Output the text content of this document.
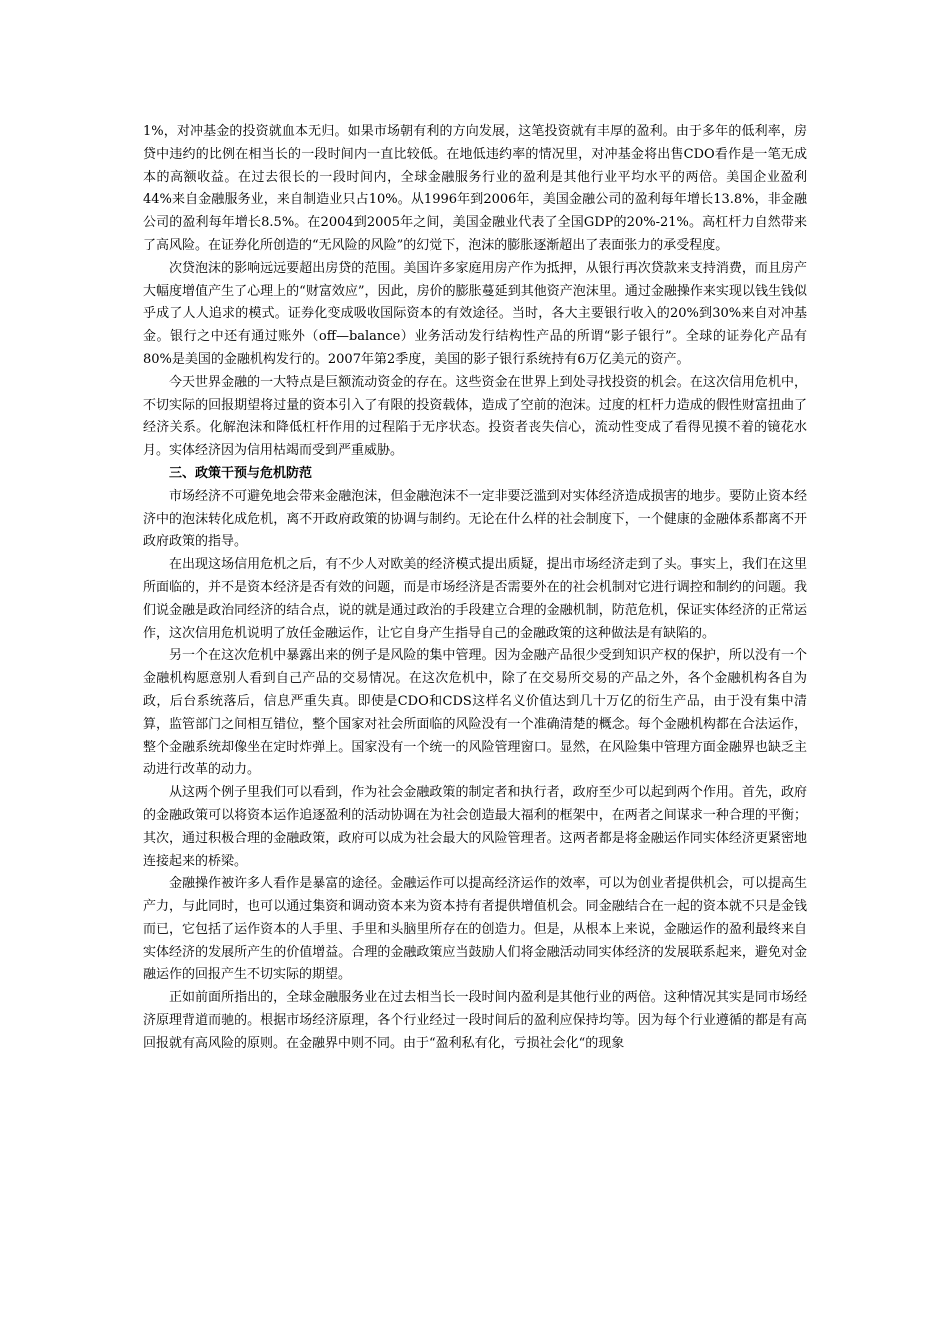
1%，对冲基金的投资就血本无归。如果市场朝有利的方向发展，这笔投资就有丰厚的盈利。由于多年的低利率，房贷中违约的比例在相当长的一段时间内一直比较低。在地低违约率的情况里，对冲基金将出售CDO看作是一笔无成本的高额收益。在过去很长的一段时间内，全球金融服务行业的盈利是其他行业平均水平的两倍。美国企业盈利44%来自金融服务业，来自制造业只占10%。从1996年到2006年，美国金融公司的盈利每年增长13.8%，非金融公司的盈利每年增长8.5%。在2004到2005年之间，美国金融业代表了全国GDP的20%-21%。高杠杆力自然带来了高风险。在证券化所创造的“无风险的风险”的幻觉下，泡沫的膨胀逐渐超出了表面张力的承受程度。

次贷泡沫的影响远远要超出房贷的范围。美国许多家庭用房产作为抵押，从银行再次贷款来支持消费，而且房产大幅度增值产生了心理上的“财富效应”，因此，房价的膨胀蔓延到其他资产泡沫里。通过金融操作来实现以钱生钱似乎成了人人追求的模式。证券化变成吸收国际资本的有效途径。当时，各大主要银行收入的20%到30%来自对冲基金。银行之中还有通过账外（off—balance）业务活动发行结构性产品的所谓“影子银行”。全球的证券化产品有80%是美国的金融机构发行的。2007年第2季度，美国的影子银行系统持有6万亿美元的资产。

今天世界金融的一大特点是巨额流动资金的存在。这些资金在世界上到处寻找投资的机会。在这次信用危机中，不切实际的回报期望将过量的资本引入了有限的投资载体，造成了空前的泡沫。过度的杠杆力造成的假性财富扭曲了经济关系。化解泡沫和降低杠杆作用的过程陷于无序状态。投资者丧失信心，流动性变成了看得见摸不着的镜花水月。实体经济因为信用枯竭而受到严重威胁。

三、政策干预与危机防范

市场经济不可避免地会带来金融泡沫，但金融泡沫不一定非要泛滥到对实体经济造成损害的地步。要防止资本经济中的泡沫转化成危机，离不开政府政策的协调与制约。无论在什么样的社会制度下，一个健康的金融体系都离不开政府政策的指导。

在出现这场信用危机之后，有不少人对欧美的经济模式提出质疑，提出市场经济走到了头。事实上，我们在这里所面临的，并不是资本经济是否有效的问题，而是市场经济是否需要外在的社会机制对它进行调控和制约的问题。我们说金融是政治同经济的结合点，说的就是通过政治的手段建立合理的金融机制，防范危机，保证实体经济的正常运作，这次信用危机说明了放任金融运作，让它自身产生指导自己的金融政策的这种做法是有缺陷的。

另一个在这次危机中暴露出来的例子是风险的集中管理。因为金融产品很少受到知识产权的保护，所以没有一个金融机构愿意别人看到自己产品的交易情况。在这次危机中，除了在交易所交易的产品之外，各个金融机构各自为政，后台系统落后，信息严重失真。即使是CDO和CDS这样名义价值达到几十万亿的衍生产品，由于没有集中清算，监管部门之间相互错位，整个国家对社会所面临的风险没有一个准确清楚的概念。每个金融机构都在合法运作，整个金融系统却像坐在定时炸弹上。国家没有一个统一的风险管理窗口。显然，在风险集中管理方面金融界也缺乏主动进行改革的动力。

从这两个例子里我们可以看到，作为社会金融政策的制定者和执行者，政府至少可以起到两个作用。首先，政府的金融政策可以将资本运作追逐盈利的活动协调在为社会创造最大福利的框架中，在两者之间谋求一种合理的平衡；其次，通过积极合理的金融政策，政府可以成为社会最大的风险管理者。这两者都是将金融运作同实体经济更紧密地连接起来的桥梁。

金融操作被许多人看作是暴富的途径。金融运作可以提高经济运作的效率，可以为创业者提供机会，可以提高生产力，与此同时，也可以通过集资和调动资本来为资本持有者提供增值机会。同金融结合在一起的资本就不只是金钱而已，它包括了运作资本的人手里、手里和头脑里所存在的创造力。但是，从根本上来说，金融运作的盈利最终来自实体经济的发展所产生的价值增益。合理的金融政策应当鼓励人们将金融活动同实体经济的发展联系起来，避免对金融运作的回报产生不切实际的期望。

正如前面所指出的，全球金融服务业在过去相当长一段时间内盈利是其他行业的两倍。这种情况其实是同市场经济原理背道而驰的。根据市场经济原理，各个行业经过一段时间后的盈利应保持均等。因为每个行业遵循的都是有高回报就有高风险的原则。在金融界中则不同。由于“盈利私有化，亏损社会化“的现象
